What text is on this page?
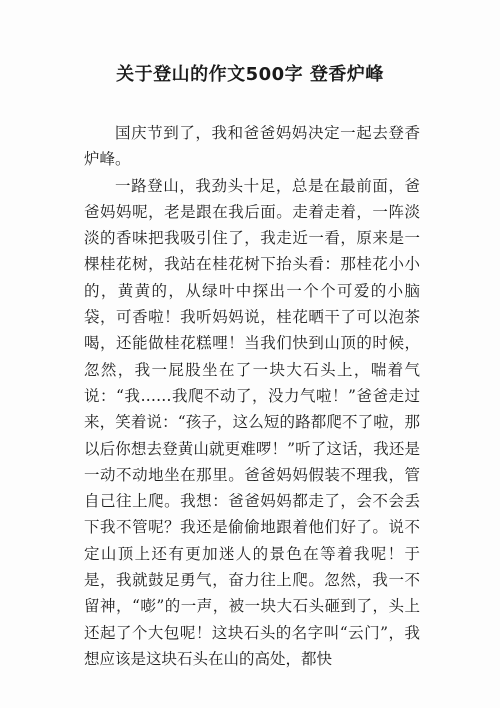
关于登山的作文500字 登香炉峰

国庆节到了，我和爸爸妈妈决定一起去登香炉峰。

一路登山，我劲头十足，总是在最前面，爸爸妈妈呢，老是跟在我后面。走着走着，一阵淡淡的香味把我吸引住了，我走近一看，原来是一棵桂花树，我站在桂花树下抬头看：那桂花小小的，黄黄的，从绿叶中探出一个个可爱的小脑袋，可香啦！我听妈妈说，桂花晒干了可以泡茶喝，还能做桂花糕哩！当我们快到山顶的时候，忽然，我一屁股坐在了一块大石头上，喘着气说：“我……我爬不动了，没力气啦！”爸爸走过来，笑着说：“孩子，这么短的路都爬不了啦，那以后你想去登黄山就更难啰！”听了这话，我还是一动不动地坐在那里。爸爸妈妈假装不理我，管自己往上爬。我想：爸爸妈妈都走了，会不会丢下我不管呢？我还是偷偷地跟着他们好了。说不定山顶上还有更加迷人的景色在等着我呢！于是，我就鼓足勇气，奋力往上爬。忽然，我一不留神，“嘭”的一声，被一块大石头砸到了，头上还起了个大包呢！这块石头的名字叫“云门”，我想应该是这块石头在山的高处，都快
